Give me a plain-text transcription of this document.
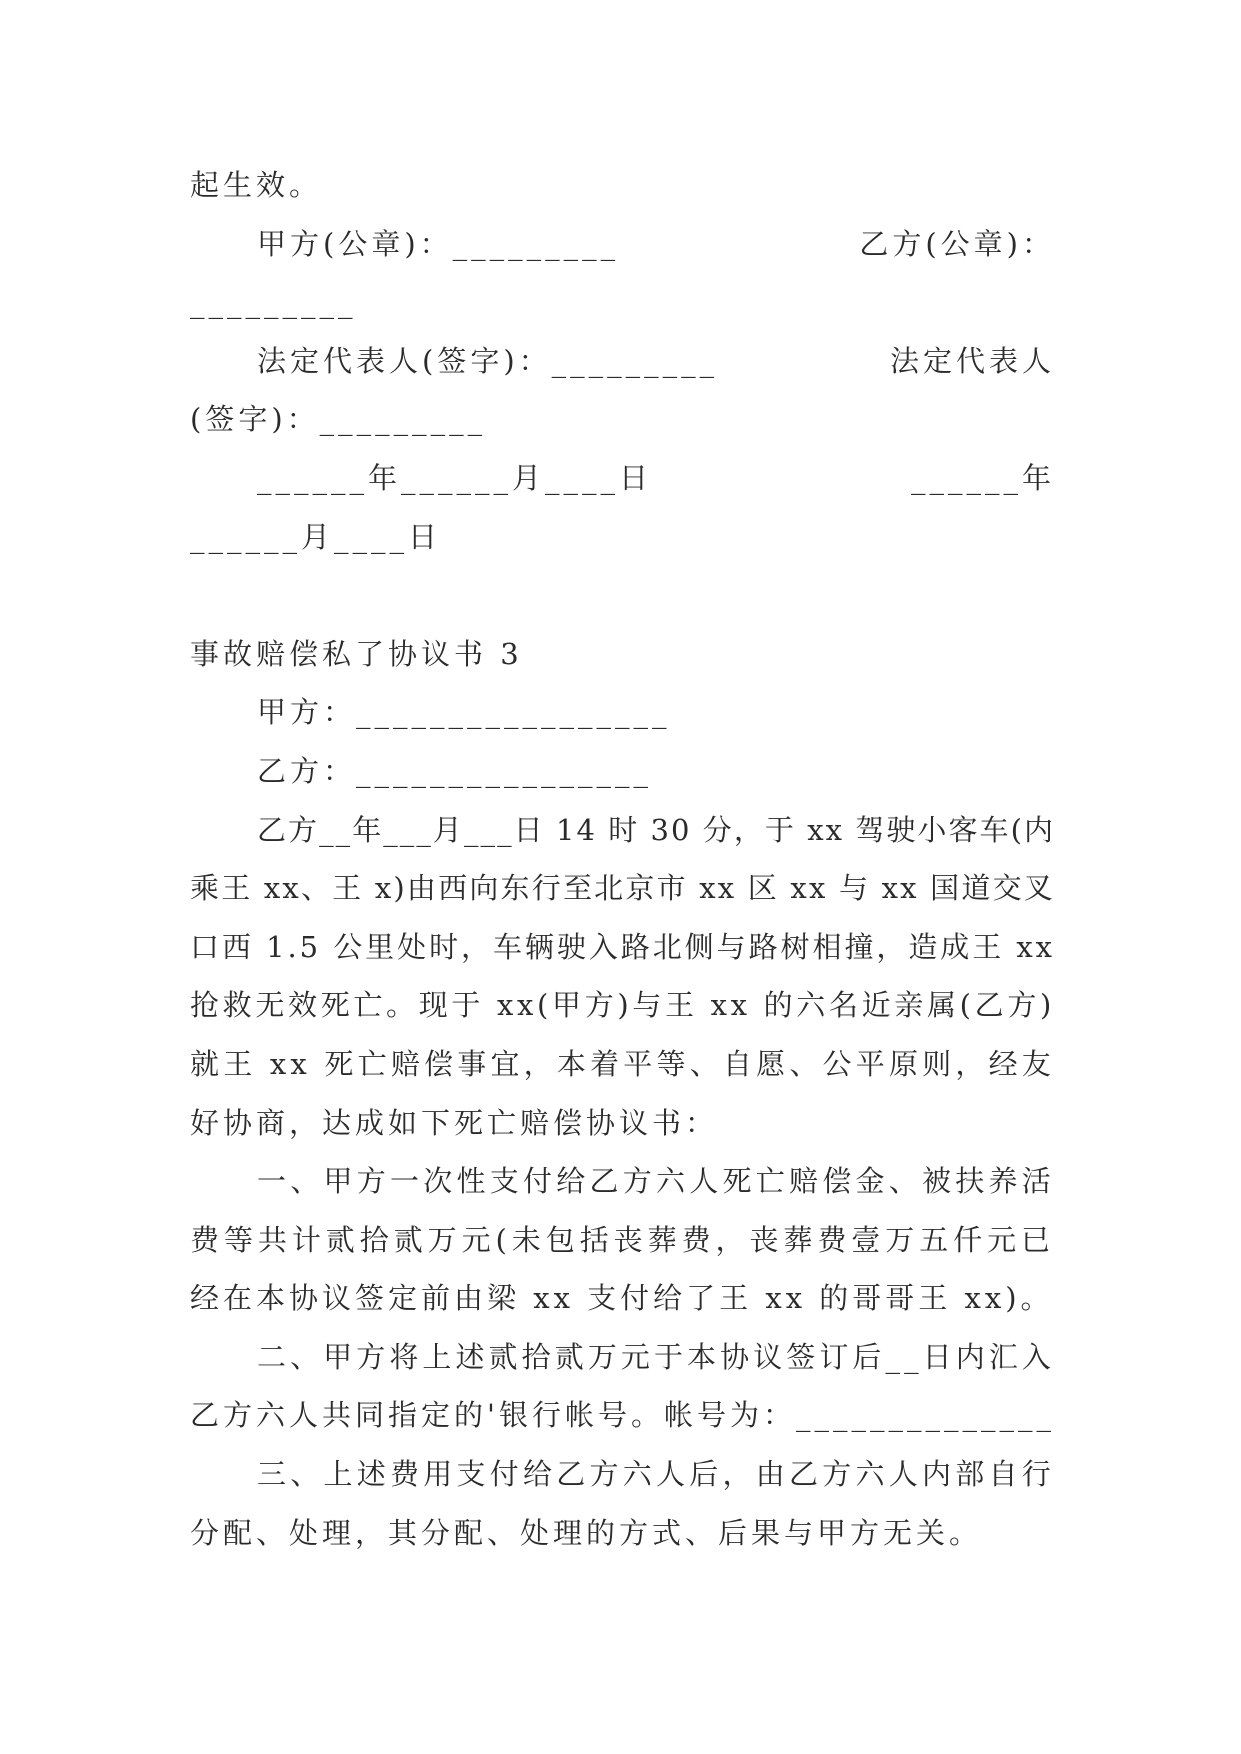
起生效。
甲方(公章)：_________	乙方(公章)：
_________
法定代表人(签字)：_________	法定代表人
(签字)：_________
______年______月____日	______年
______月____日
事故赔偿私了协议书 3
甲方：_________________
乙方：________________
乙方__年___月___日 14 时 30 分，于 xx 驾驶小客车(内
乘王 xx、王 x)由西向东行至北京市 xx 区 xx 与 xx 国道交叉
口西 1.5 公里处时，车辆驶入路北侧与路树相撞，造成王 xx
抢救无效死亡。现于 xx(甲方)与王 xx 的六名近亲属(乙方)
就王 xx 死亡赔偿事宜，本着平等、自愿、公平原则，经友
好协商，达成如下死亡赔偿协议书：
一、甲方一次性支付给乙方六人死亡赔偿金、被扶养活
费等共计贰拾贰万元(未包括丧葬费，丧葬费壹万五仟元已
经在本协议签定前由梁 xx 支付给了王 xx 的哥哥王 xx)。
二、甲方将上述贰拾贰万元于本协议签订后__日内汇入
乙方六人共同指定的'银行帐号。帐号为：______________
三、上述费用支付给乙方六人后，由乙方六人内部自行
分配、处理，其分配、处理的方式、后果与甲方无关。
